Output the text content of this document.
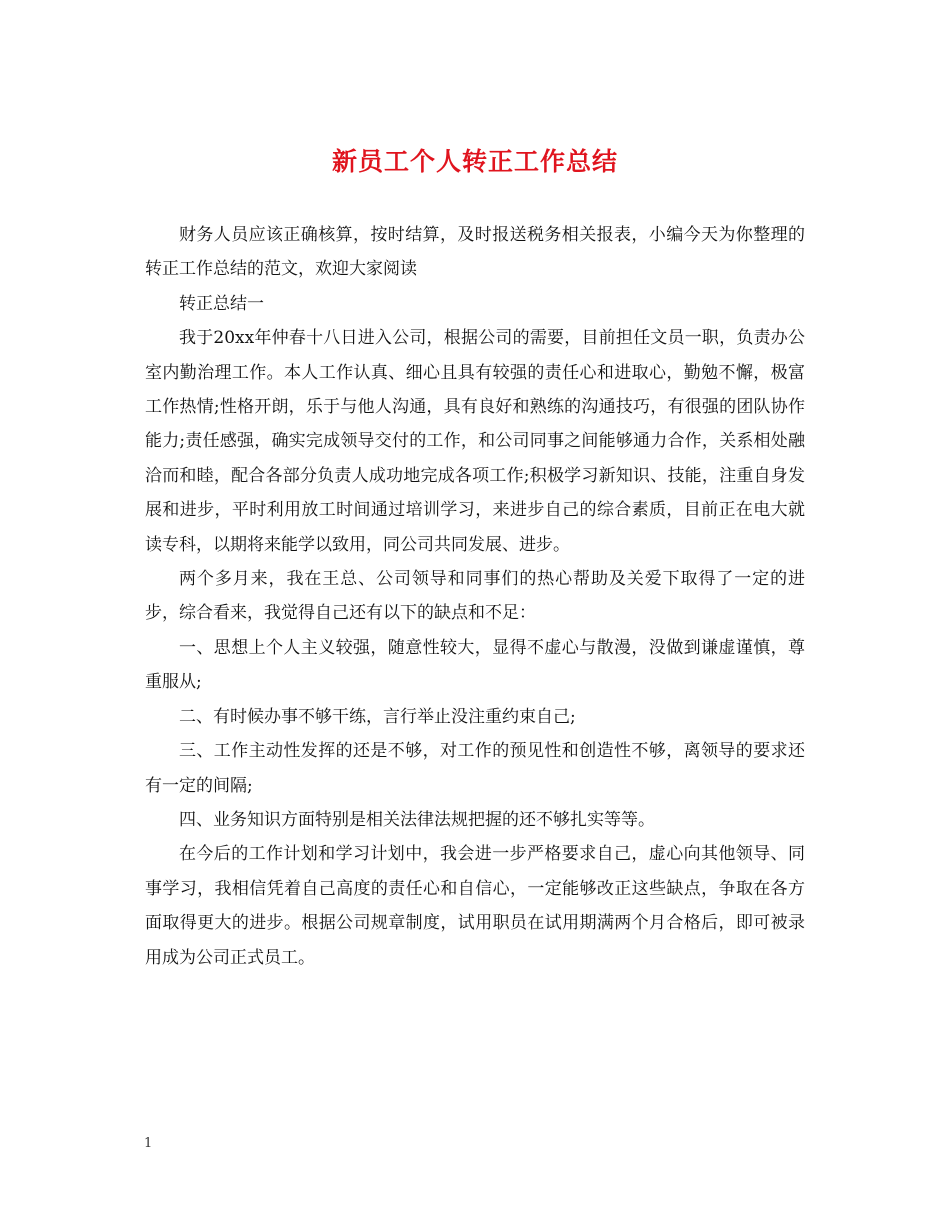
新员工个人转正工作总结

财务人员应该正确核算，按时结算，及时报送税务相关报表，小编今天为你整理的转正工作总结的范文，欢迎大家阅读

转正总结一

我于20xx年仲春十八日进入公司，根据公司的需要，目前担任文员一职，负责办公室内勤治理工作。本人工作认真、细心且具有较强的责任心和进取心，勤勉不懈，极富工作热情;性格开朗，乐于与他人沟通，具有良好和熟练的沟通技巧，有很强的团队协作能力;责任感强，确实完成领导交付的工作，和公司同事之间能够通力合作，关系相处融洽而和睦，配合各部分负责人成功地完成各项工作;积极学习新知识、技能，注重自身发展和进步，平时利用放工时间通过培训学习，来进步自己的综合素质，目前正在电大就读专科，以期将来能学以致用，同公司共同发展、进步。

两个多月来，我在王总、公司领导和同事们的热心帮助及关爱下取得了一定的进步，综合看来，我觉得自己还有以下的缺点和不足：

一、思想上个人主义较强，随意性较大，显得不虚心与散漫，没做到谦虚谨慎，尊重服从;

二、有时候办事不够干练，言行举止没注重约束自己;

三、工作主动性发挥的还是不够，对工作的预见性和创造性不够，离领导的要求还有一定的间隔;

四、业务知识方面特别是相关法律法规把握的还不够扎实等等。

在今后的工作计划和学习计划中，我会进一步严格要求自己，虚心向其他领导、同事学习，我相信凭着自己高度的责任心和自信心，一定能够改正这些缺点，争取在各方面取得更大的进步。根据公司规章制度，试用职员在试用期满两个月合格后，即可被录用成为公司正式员工。

1
